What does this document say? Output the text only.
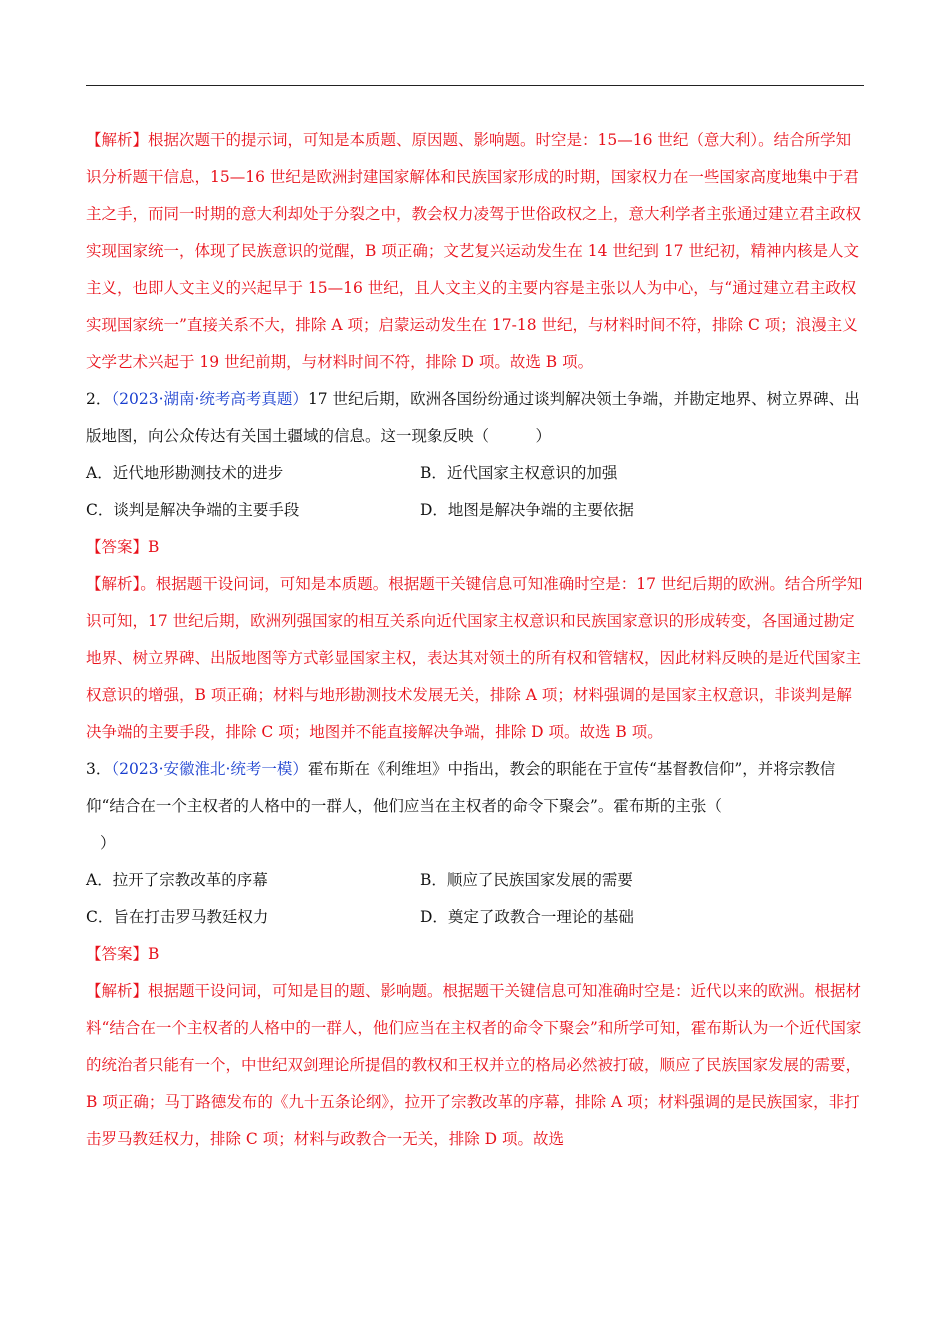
【解析】根据次题干的提示词，可知是本质题、原因题、影响题。时空是：15—16 世纪（意大利）。结合所学知识分析题干信息，15—16 世纪是欧洲封建国家解体和民族国家形成的时期，国家权力在一些国家高度地集中于君主之手，而同一时期的意大利却处于分裂之中，教会权力凌驾于世俗政权之上，意大利学者主张通过建立君主政权实现国家统一，体现了民族意识的觉醒，B 项正确；文艺复兴运动发生在 14 世纪到 17 世纪初，精神内核是人文主义，也即人文主义的兴起早于 15—16 世纪，且人文主义的主要内容是主张以人为中心，与“通过建立君主政权实现国家统一”直接关系不大，排除 A 项；启蒙运动发生在 17-18 世纪，与材料时间不符，排除 C 项；浪漫主义文学艺术兴起于 19 世纪前期，与材料时间不符，排除 D 项。故选 B 项。

2．（2023·湖南·统考高考真题）17 世纪后期，欧洲各国纷纷通过谈判解决领土争端，并勘定地界、树立界碑、出版地图，向公众传达有关国土疆域的信息。这一现象反映（　　　）

A．近代地形勘测技术的进步	B．近代国家主权意识的加强
C．谈判是解决争端的主要手段	D．地图是解决争端的主要依据

【答案】B

【解析】。根据题干设问词，可知是本质题。根据题干关键信息可知准确时空是：17 世纪后期的欧洲。结合所学知识可知，17 世纪后期，欧洲列强国家的相互关系向近代国家主权意识和民族国家意识的形成转变，各国通过勘定地界、树立界碑、出版地图等方式彰显国家主权，表达其对领土的所有权和管辖权，因此材料反映的是近代国家主权意识的增强，B 项正确；材料与地形勘测技术发展无关，排除 A 项；材料强调的是国家主权意识，非谈判是解决争端的主要手段，排除 C 项；地图并不能直接解决争端，排除 D 项。故选 B 项。

3．（2023·安徽淮北·统考一模）霍布斯在《利维坦》中指出，教会的职能在于宣传“基督教信仰”，并将宗教信仰“结合在一个主权者的人格中的一群人，他们应当在主权者的命令下聚会”。霍布斯的主张（

）

A．拉开了宗教改革的序幕	B．顺应了民族国家发展的需要
C．旨在打击罗马教廷权力	D．奠定了政教合一理论的基础

【答案】B

【解析】根据题干设问词，可知是目的题、影响题。根据题干关键信息可知准确时空是：近代以来的欧洲。根据材料“结合在一个主权者的人格中的一群人，他们应当在主权者的命令下聚会”和所学可知，霍布斯认为一个近代国家的统治者只能有一个，中世纪双剑理论所提倡的教权和王权并立的格局必然被打破，顺应了民族国家发展的需要，B 项正确；马丁路德发布的《九十五条论纲》，拉开了宗教改革的序幕，排除 A 项；材料强调的是民族国家，非打击罗马教廷权力，排除 C 项；材料与政教合一无关，排除 D 项。故选
